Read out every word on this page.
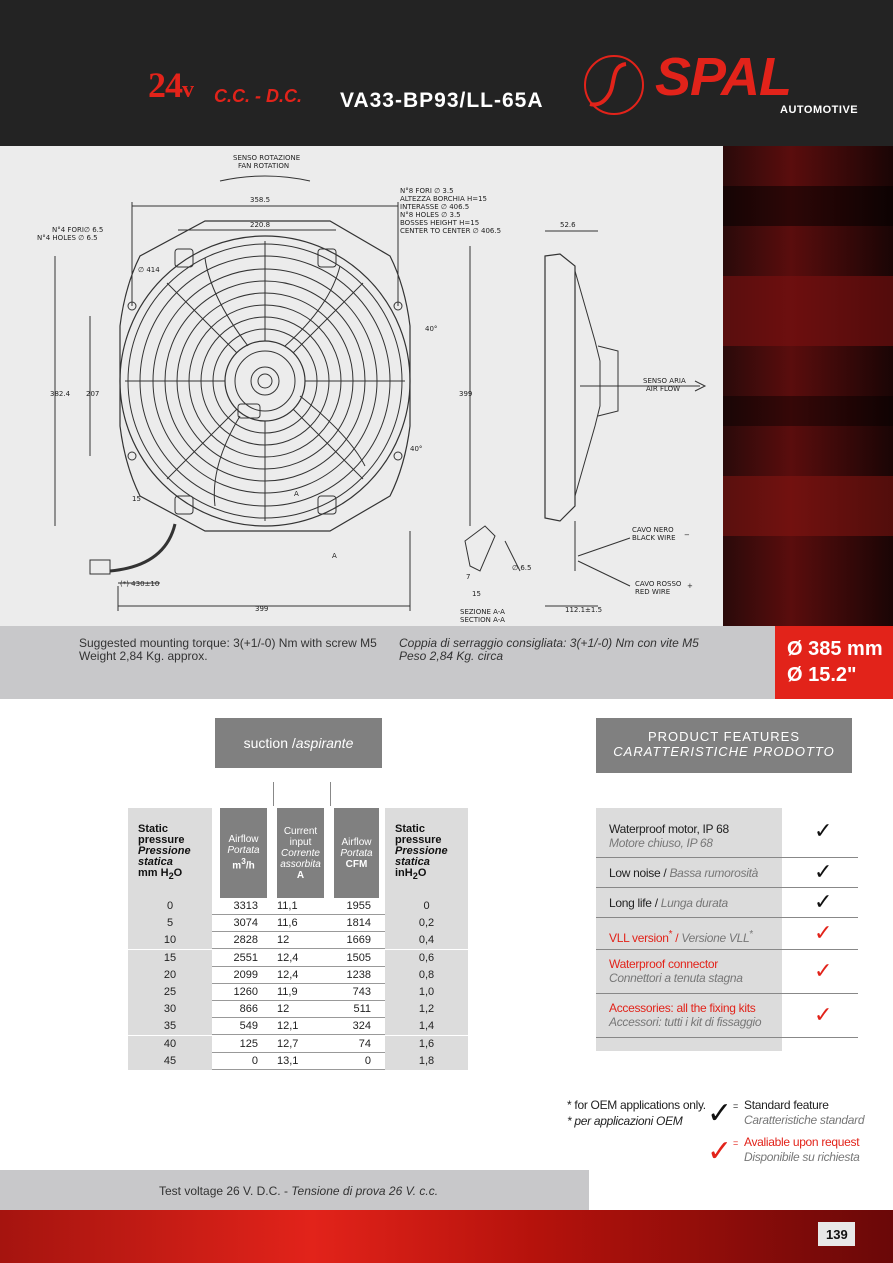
24v C.C. - D.C. VA33-BP93/LL-65A SPAL
AUTOMOTIVE
SENSO ROTAZIONE
FAN ROTATION
358.5
220.8
N°4 FORI∅ 6.5
N°4 HOLES ∅ 6.5
N°8 FORI ∅ 3.5
ALTEZZA BORCHIA H=15
INTERASSE ∅ 406.5
N°8 HOLES ∅ 3.5
BOSSES HEIGHT H=15
CENTER TO CENTER ∅ 406.5
∅ 414
382.4 207	399
40°
40°
15
(*) 430±10
399
52.6
112.1±1.5
SENSO ARIA
AIR FLOW
CAVO NERO
BLACK WIRE
CAVO ROSSO
RED WIRE
SEZIONE A-A
SECTION A-A
7
15
∅ 6.5
A
A
−
+
Suggested mounting torque: 3(+1/-0) Nm with screw M5
Weight 2,84 Kg. approx.
Coppia di serraggio consigliata: 3(+1/-0) Nm con vite M5
Peso 2,84 Kg. circa	Ø 385 mm
Ø 15.2"
suction / aspirante
Static
pressure
Pressione
statica
mm $H_2O$
Airflow
Portata
$m^3/h$
Current
input
Corrente
assorbita
A
Airflow
Portata
CFM
Static
pressure
Pressione
statica
inH$_2$O
0	3313 11,1	1955	0
5	3074 11,6	1814	0,2
10	2828 12	1669	0,4
15	2551 12,4	1505	0,6
20	2099 12,4	1238	0,8
25	1260 11,9	743	1,0
30	866 12	511	1,2
35	549 12,1	324	1,4
40	125 12,7	74	1,6
45	0 13,1	0	1,8
PRODUCT FEATURES
CARATTERISTICHE PRODOTTO
Waterproof motor, IP 68
Motore chiuso, IP 68	✓
Low noise / Bassa rumorosità	✓
Long life / Lunga durata	✓
VLL version* / Versione VLL*	✓
Waterproof connector
Connettori a tenuta stagna	✓
Accessories: all the fixing kits
Accessori: tutti i kit di fissaggio ✓
* for OEM applications only.
* per applicazioni OEM ✓ = Standard feature
Caratteristiche standard
✓ = Avaliable upon request
Disponibile su richiesta
Test voltage 26 V. D.C. - Tensione di prova 26 V. c.c.
139
